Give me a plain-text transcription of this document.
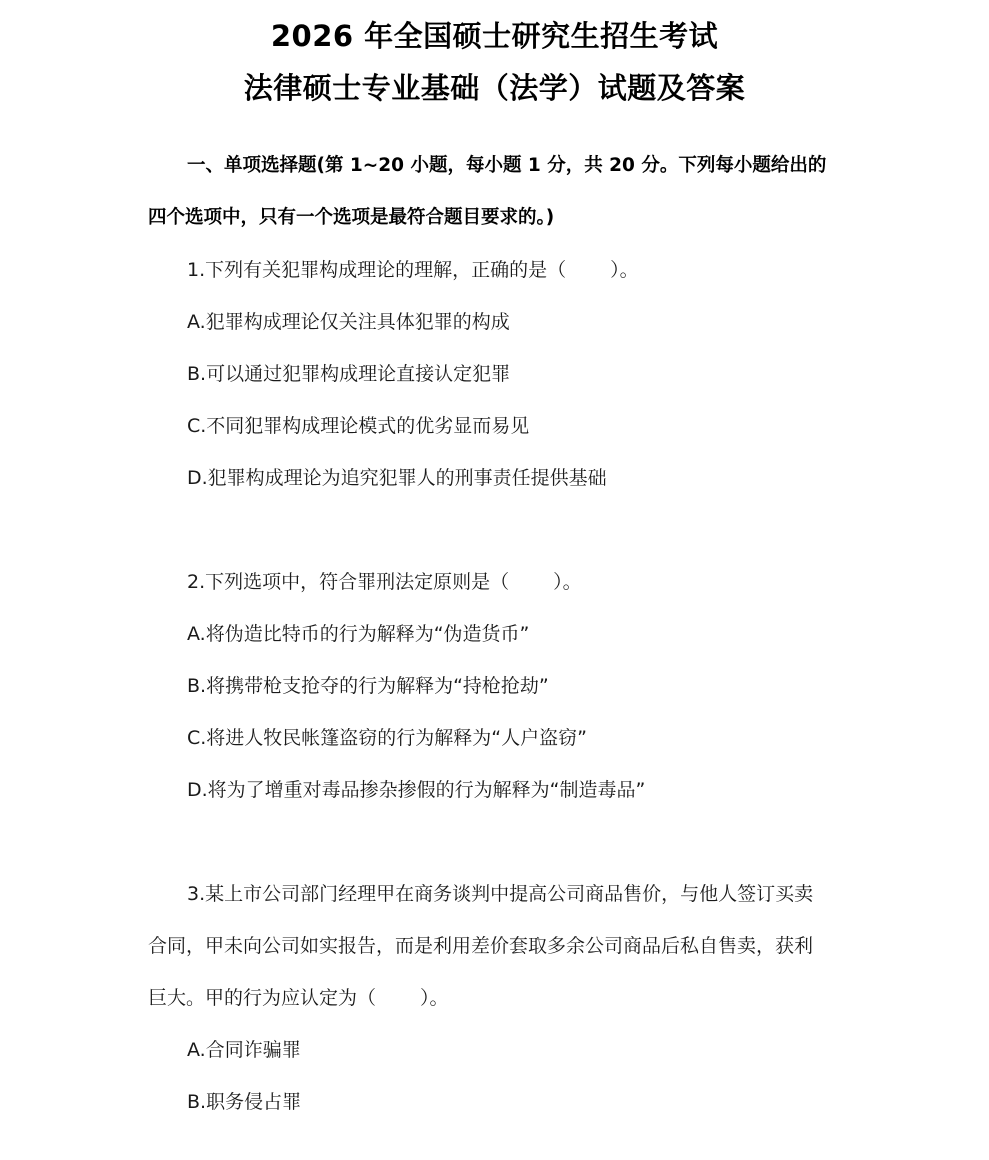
2026 年全国硕士研究生招生考试
法律硕士专业基础（法学）试题及答案
一、单项选择题(第 1~20 小题，每小题 1 分，共 20 分。下列每小题给出的
四个选项中，只有一个选项是最符合题目要求的。)
1.下列有关犯罪构成理论的理解，正确的是（ ）。
A.犯罪构成理论仅关注具体犯罪的构成
B.可以通过犯罪构成理论直接认定犯罪
C.不同犯罪构成理论模式的优劣显而易见
D.犯罪构成理论为追究犯罪人的刑事责任提供基础
2.下列选项中，符合罪刑法定原则是（ ）。
A.将伪造比特币的行为解释为“伪造货币”
B.将携带枪支抢夺的行为解释为“持枪抢劫”
C.将进人牧民帐篷盗窃的行为解释为“人户盗窃”
D.将为了增重对毒品掺杂掺假的行为解释为“制造毒品”
3.某上市公司部门经理甲在商务谈判中提高公司商品售价，与他人签订买卖
合同，甲未向公司如实报告，而是利用差价套取多余公司商品后私自售卖，获利
巨大。甲的行为应认定为（ ）。
A.合同诈骗罪
B.职务侵占罪
